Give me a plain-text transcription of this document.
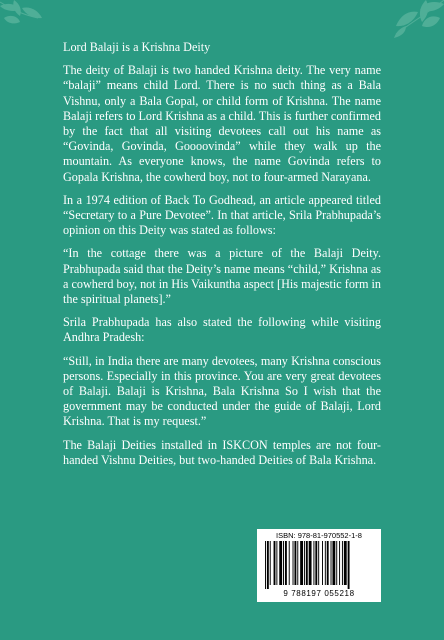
Lord Balaji is a Krishna Deity

The deity of Balaji is two handed Krishna deity. The very name “balaji” means child Lord. There is no such thing as a Bala Vishnu, only a Bala Gopal, or child form of Krishna. The name Balaji refers to Lord Krishna as a child. This is further confirmed by the fact that all visiting devotees call out his name as “Govinda, Govinda, Goooovinda” while they walk up the mountain. As everyone knows, the name Govinda refers to Gopala Krishna, the cowherd boy, not to four-armed Narayana.

In a 1974 edition of Back To Godhead, an article appeared titled “Secretary to a Pure Devotee”. In that article, Srila Prabhupada’s opinion on this Deity was stated as follows:

“In the cottage there was a picture of the Balaji Deity. Prabhupada said that the Deity’s name means “child,” Krishna as a cowherd boy, not in His Vaikuntha aspect [His majestic form in the spiritual planets].”

Srila Prabhupada has also stated the following while visiting Andhra Pradesh:

“Still, in India there are many devotees, many Krishna conscious persons. Especially in this province. You are very great devotees of Balaji. Balaji is Krishna, Bala Krishna So I wish that the government may be conducted under the guide of Balaji, Lord Krishna. That is my request.”

The Balaji Deities installed in ISKCON temples are not four-handed Vishnu Deities, but two-handed Deities of Bala Krishna.

ISBN: 978-81-970552-1-8
9 788197 055218
